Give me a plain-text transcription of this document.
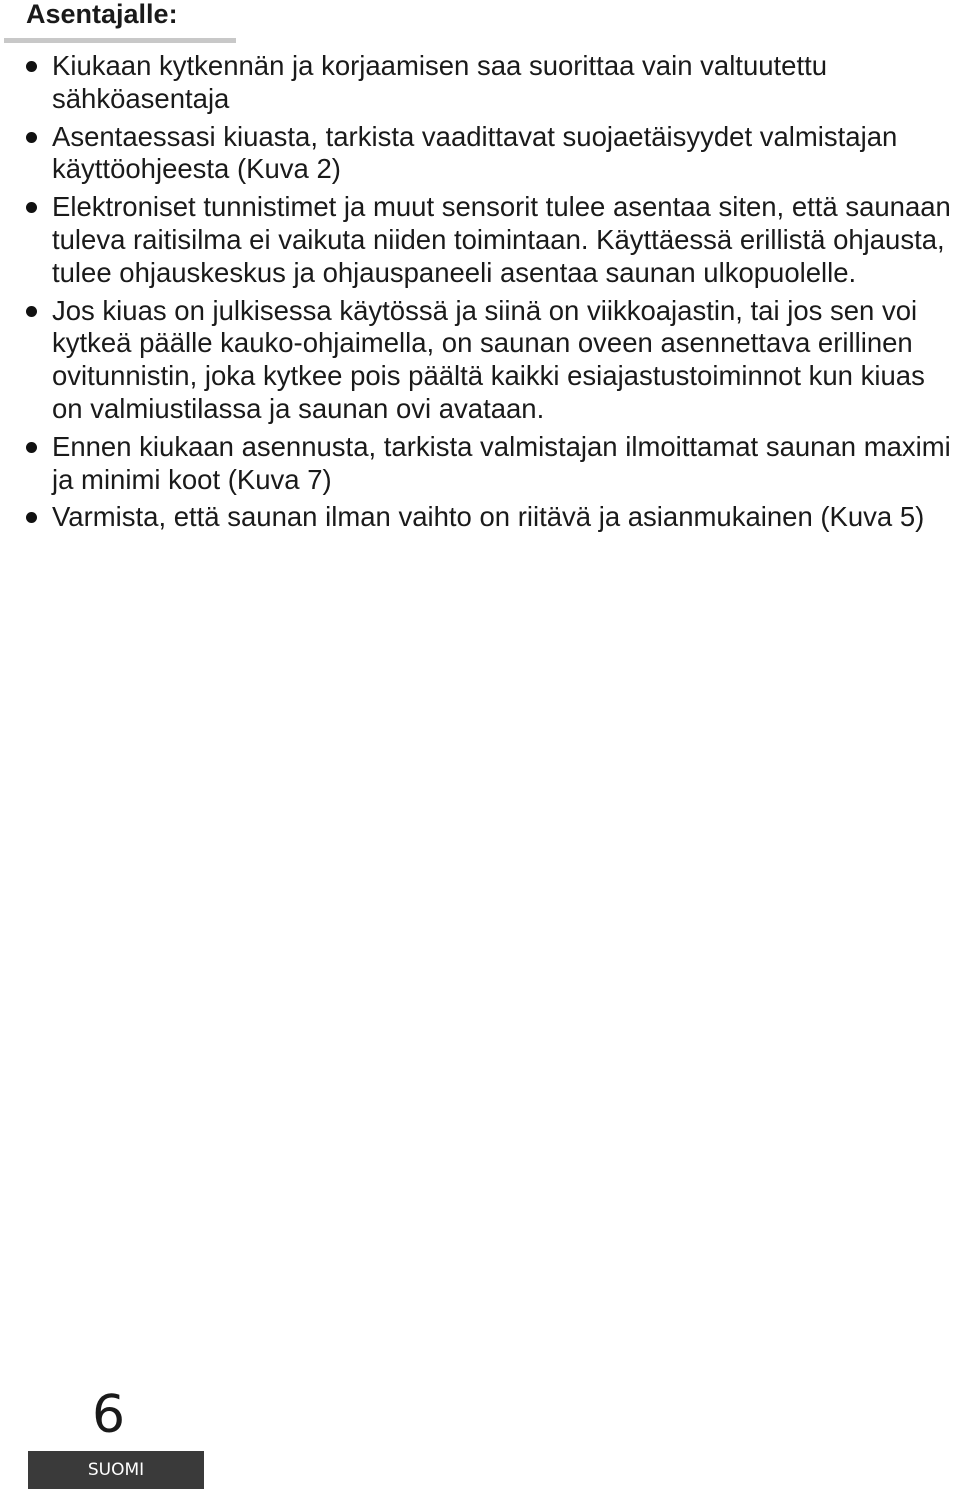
Asentajalle:
Kiukaan kytkennän ja korjaamisen saa suorittaa vain valtuutettu sähköasentaja
Asentaessasi kiuasta, tarkista vaadittavat suojaetäisyydet valmistajan käyttöohjeesta (Kuva 2)
Elektroniset tunnistimet ja muut sensorit tulee asentaa siten, että saunaan tuleva raitisilma ei vaikuta niiden toimintaan. Käyttäessä erillistä ohjausta, tulee ohjauskeskus ja ohjauspaneeli asentaa saunan ulkopuolelle.
Jos kiuas on julkisessa käytössä ja siinä on viikkoajastin, tai jos sen voi kytkeä päälle kauko-ohjaimella, on saunan oveen asennettava erillinen ovitunnistin, joka kytkee pois päältä kaikki esiajastustoiminnot kun kiuas on valmiustilassa ja saunan ovi avataan.
Ennen kiukaan asennusta, tarkista valmistajan ilmoittamat saunan maximi ja minimi koot (Kuva 7)
Varmista, että saunan ilman vaihto on riitävä ja asianmukainen (Kuva 5)
6
SUOMI
